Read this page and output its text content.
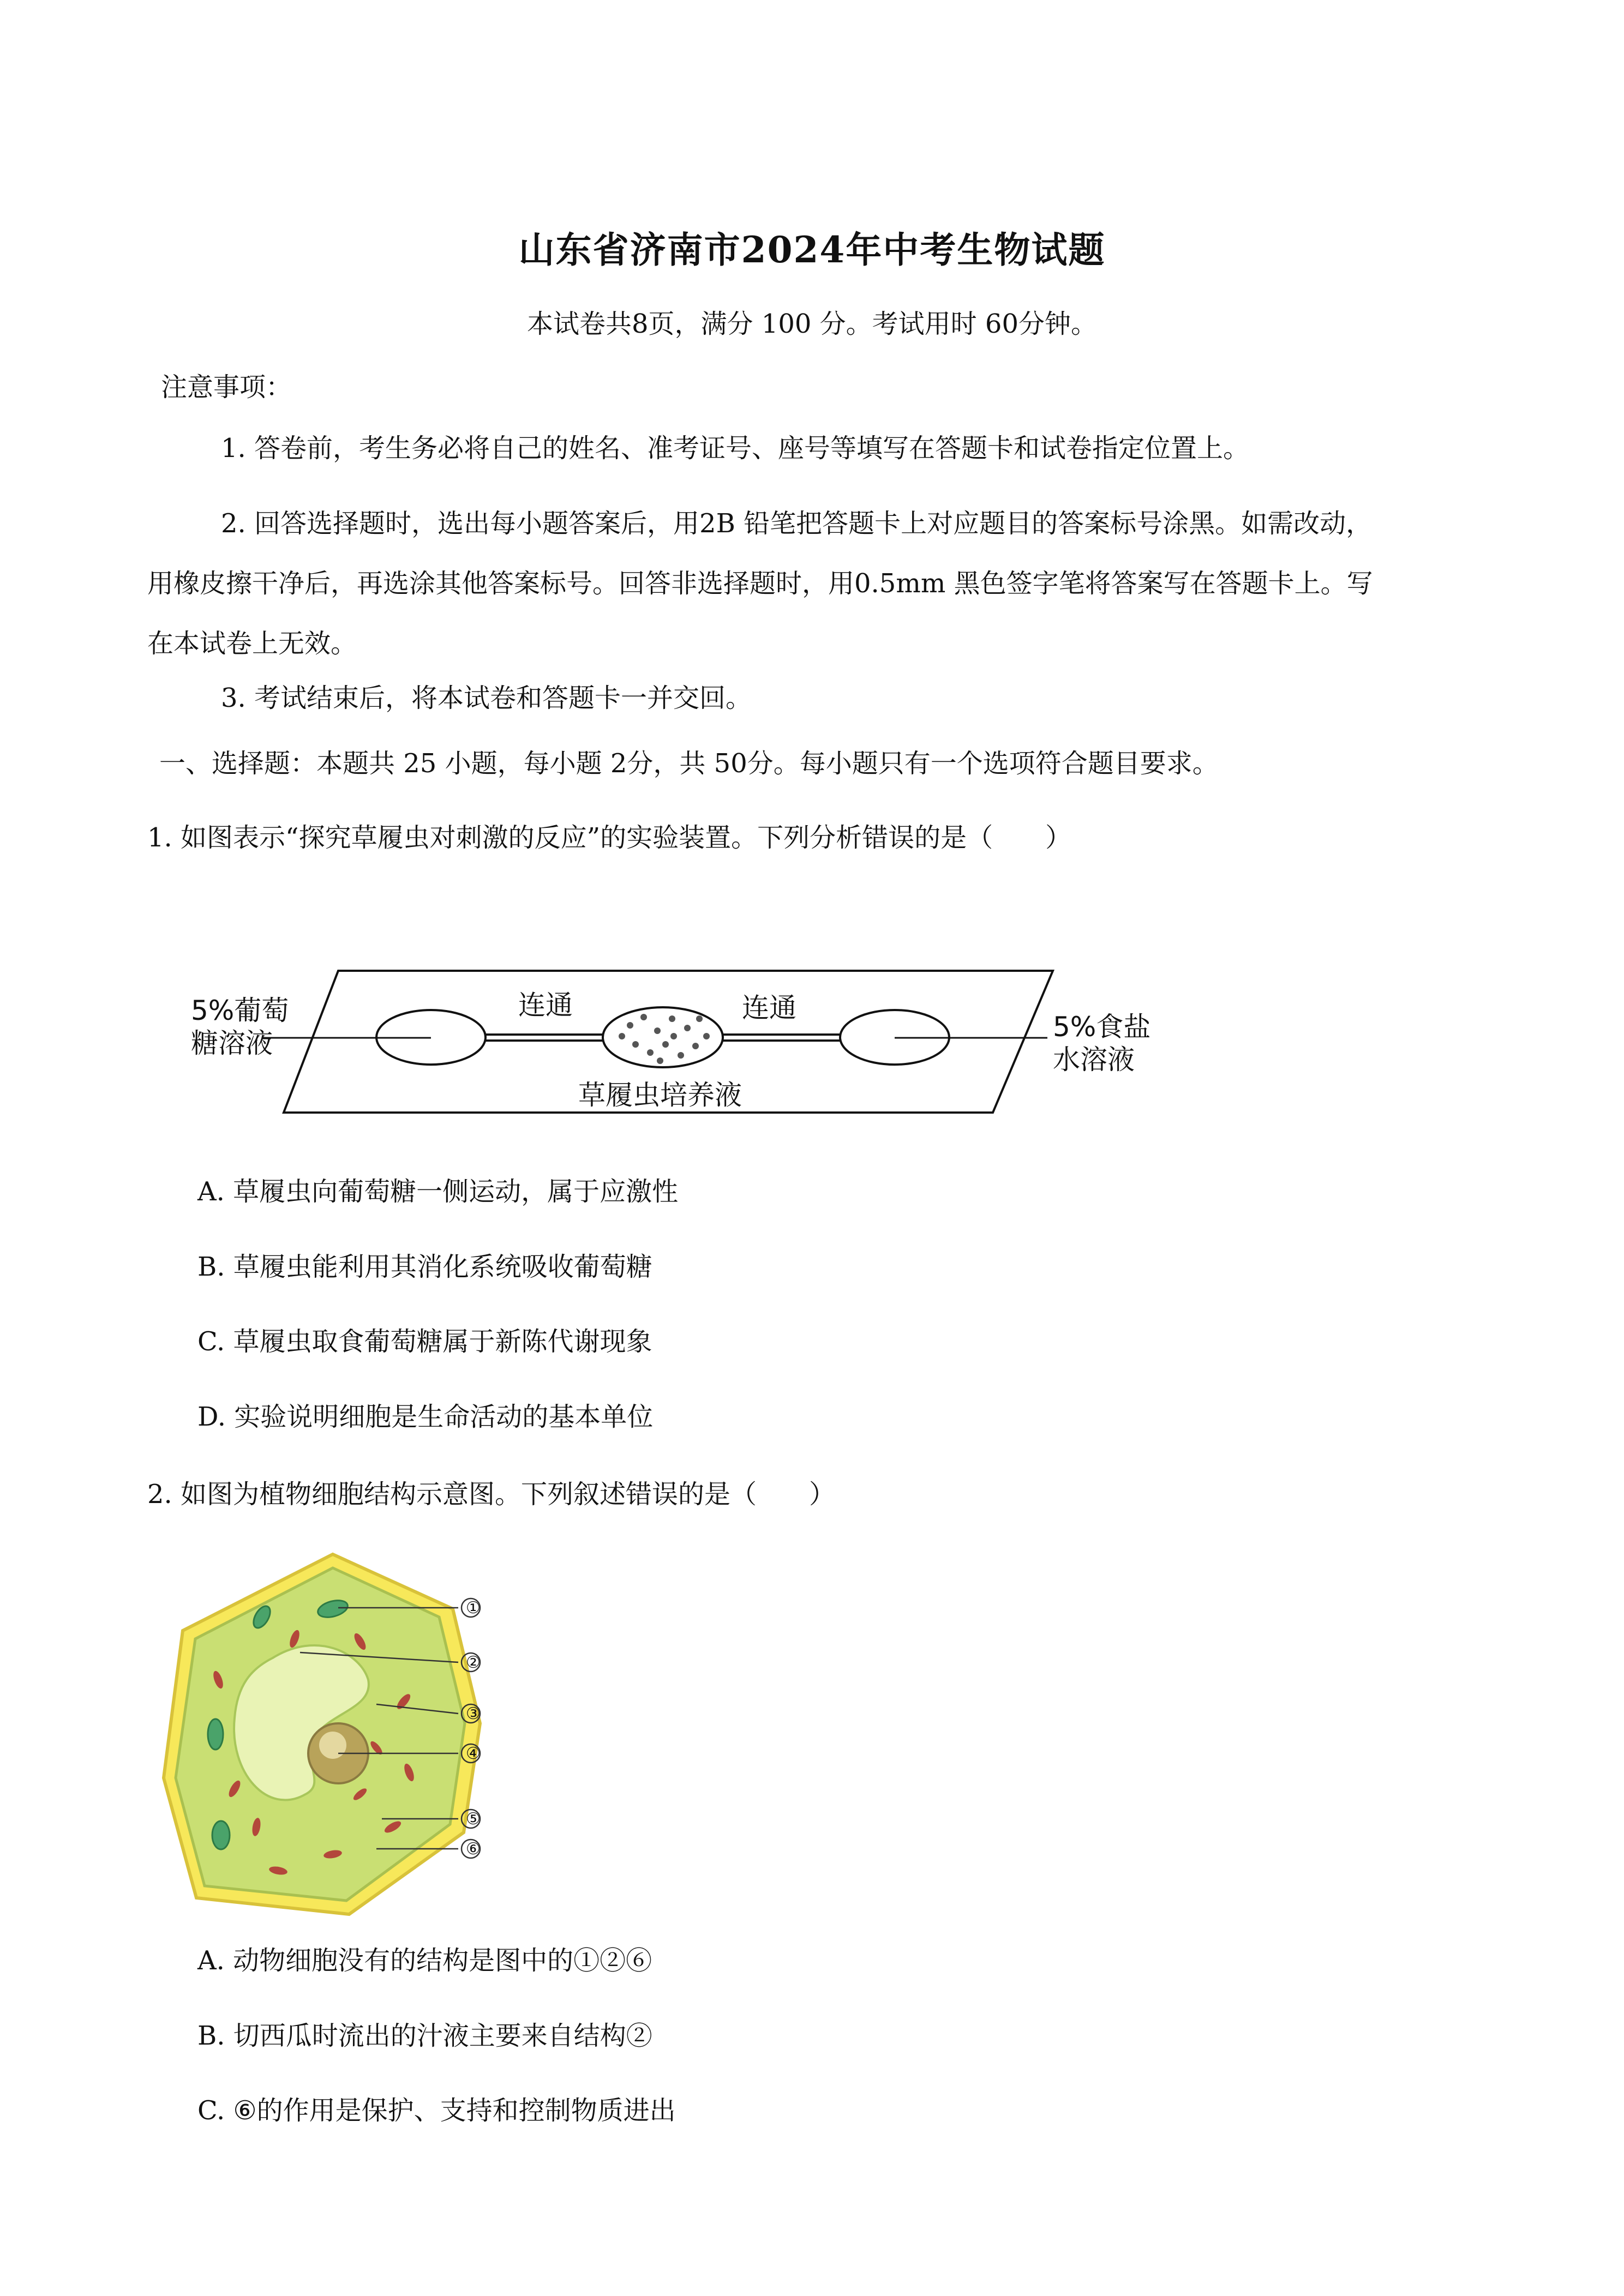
山东省济南市2024年中考生物试题
本试卷共8页，满分 100 分。考试用时 60分钟。
注意事项：
1. 答卷前，考生务必将自己的姓名、准考证号、座号等填写在答题卡和试卷指定位置上。
2. 回答选择题时，选出每小题答案后，用2B 铅笔把答题卡上对应题目的答案标号涂黑。如需改动，
用橡皮擦干净后，再选涂其他答案标号。回答非选择题时，用0.5mm 黑色签字笔将答案写在答题卡上。写
在本试卷上无效。
3. 考试结束后，将本试卷和答题卡一并交回。
一、选择题：本题共 25 小题，每小题 2分，共 50分。每小题只有一个选项符合题目要求。
1. 如图表示“探究草履虫对刺激的反应”的实验装置。下列分析错误的是（　　）
5%葡萄
糖溶液
连通	连通
5%食盐
水溶液
草履虫培养液
A. 草履虫向葡萄糖一侧运动，属于应激性
B. 草履虫能利用其消化系统吸收葡萄糖
C. 草履虫取食葡萄糖属于新陈代谢现象
D. 实验说明细胞是生命活动的基本单位
2. 如图为植物细胞结构示意图。下列叙述错误的是（　　）
①
②
③
④
⑤
⑥
A. 动物细胞没有的结构是图中的①②⑥
B. 切西瓜时流出的汁液主要来自结构②
C. ⑥的作用是保护、支持和控制物质进出
